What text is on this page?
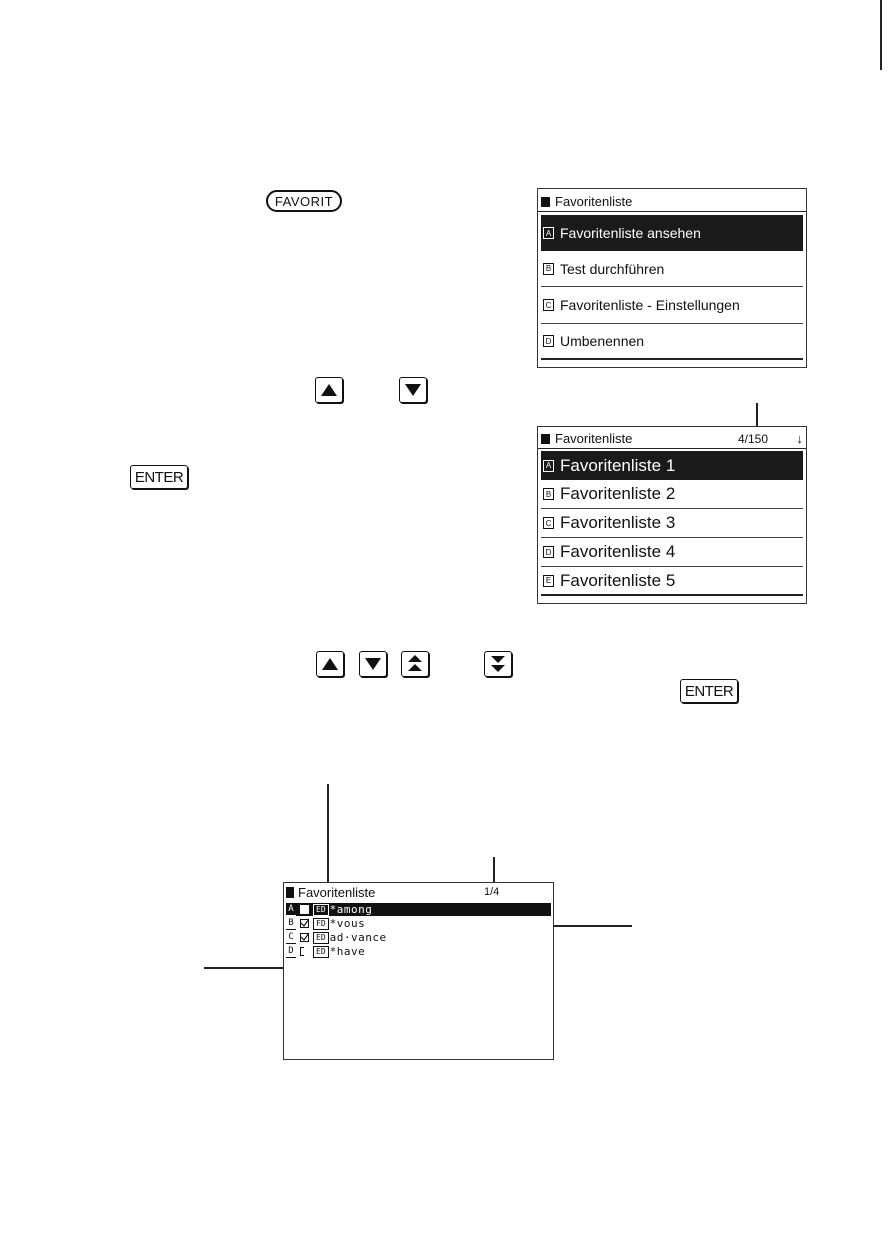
FAVORIT	Favoritenliste
A Favoritenliste ansehen
B Test durchführen
C Favoritenliste - Einstellungen
D Umbenennen
ENTER
Favoritenliste	4/150 ↓
A Favoritenliste 1
B Favoritenliste 2
C Favoritenliste 3
D Favoritenliste 4
E Favoritenliste 5
ENTER
Favoritenliste	1/4
A	ED *among
B	FD *vous
C	ED ad·vance
D	ED *have
